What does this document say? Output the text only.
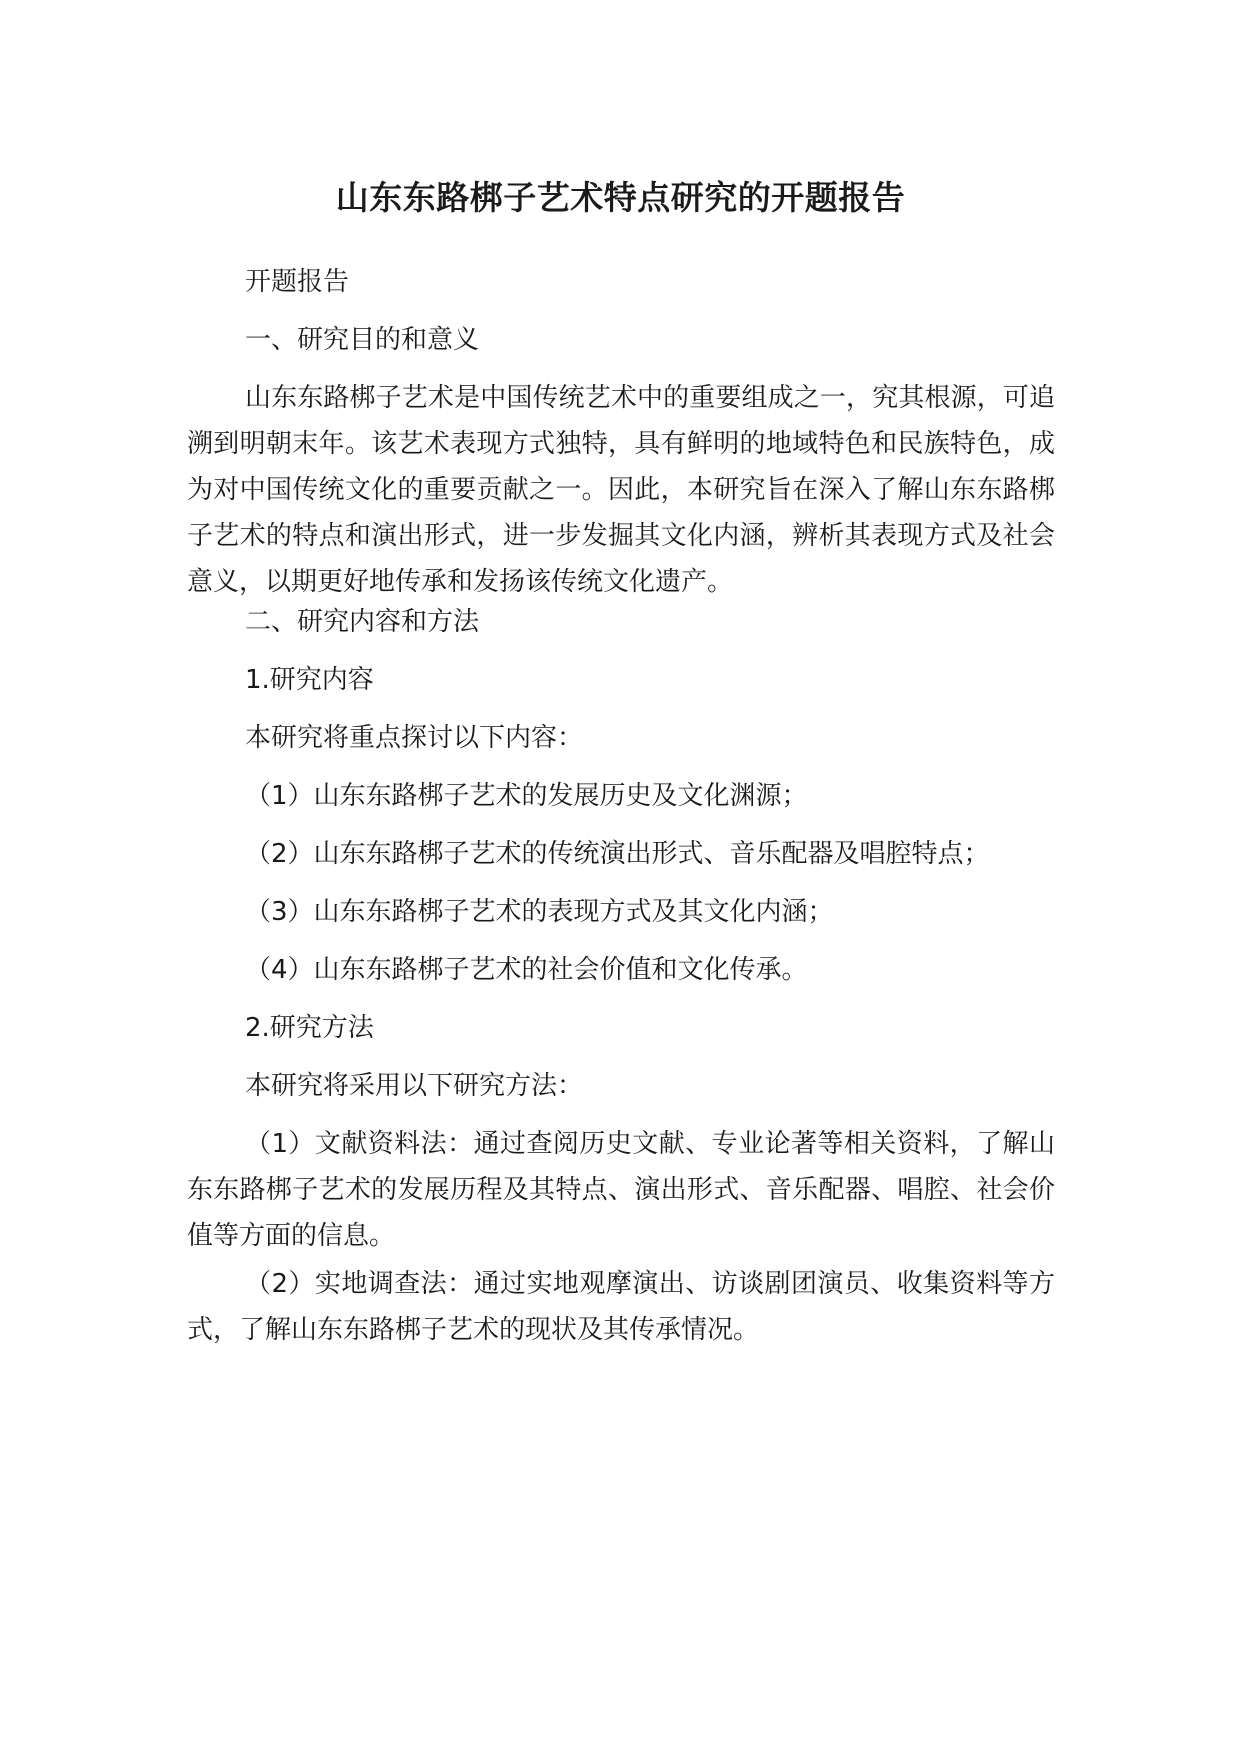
山东东路梆子艺术特点研究的开题报告

开题报告

一、研究目的和意义

山东东路梆子艺术是中国传统艺术中的重要组成之一，究其根源，可追溯到明朝末年。该艺术表现方式独特，具有鲜明的地域特色和民族特色，成为对中国传统文化的重要贡献之一。因此，本研究旨在深入了解山东东路梆子艺术的特点和演出形式，进一步发掘其文化内涵，辨析其表现方式及社会意义，以期更好地传承和发扬该传统文化遗产。

二、研究内容和方法

1.研究内容

本研究将重点探讨以下内容：

（1）山东东路梆子艺术的发展历史及文化渊源；

（2）山东东路梆子艺术的传统演出形式、音乐配器及唱腔特点；

（3）山东东路梆子艺术的表现方式及其文化内涵；

（4）山东东路梆子艺术的社会价值和文化传承。

2.研究方法

本研究将采用以下研究方法：

（1）文献资料法：通过查阅历史文献、专业论著等相关资料，了解山东东路梆子艺术的发展历程及其特点、演出形式、音乐配器、唱腔、社会价值等方面的信息。

（2）实地调查法：通过实地观摩演出、访谈剧团演员、收集资料等方式，了解山东东路梆子艺术的现状及其传承情况。
